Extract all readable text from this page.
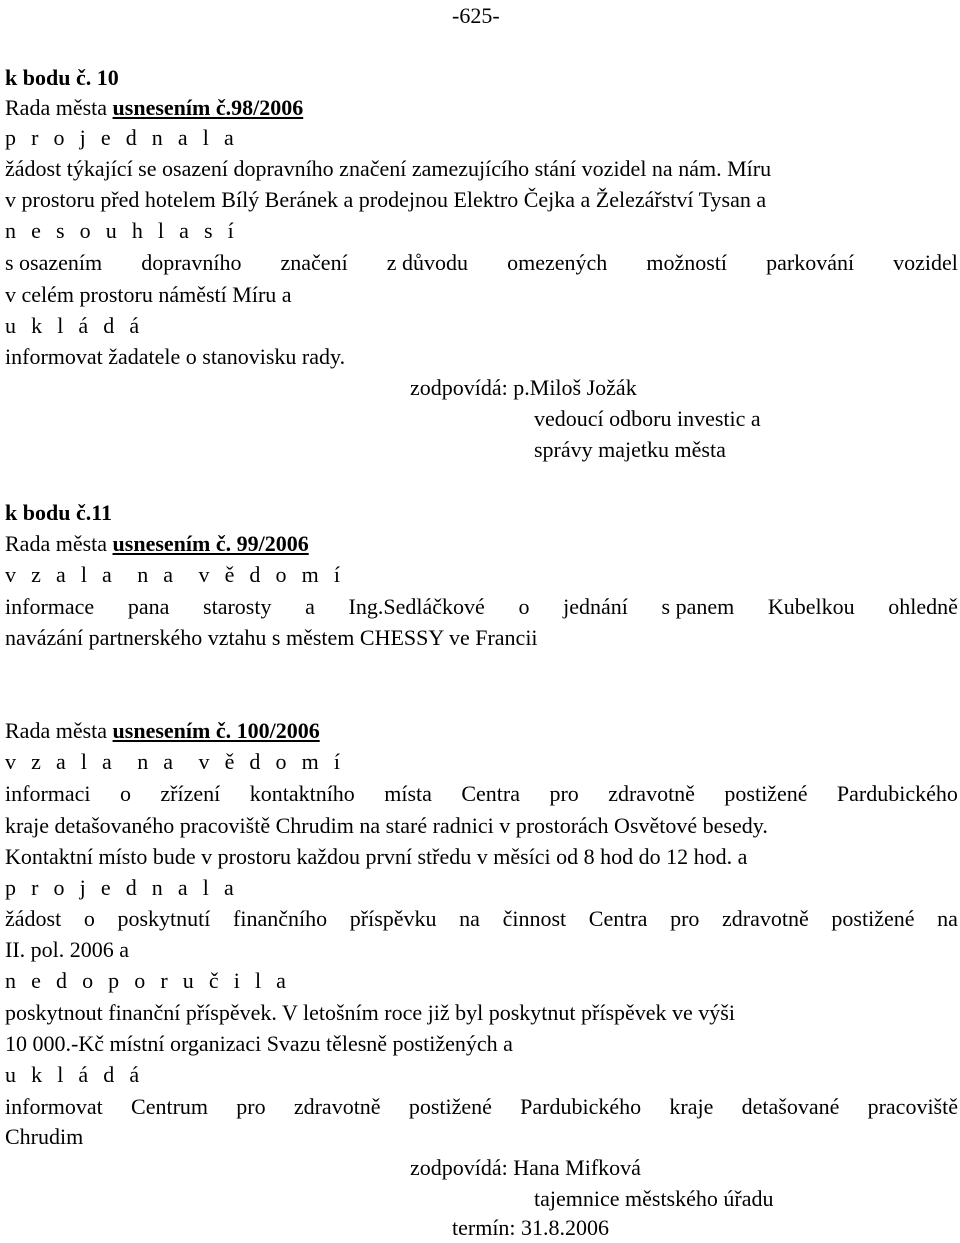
-625-
k bodu č. 10
Rada města usnesením č.98/2006
p r o j e d n a l a
žádost týkající se osazení dopravního značení zamezujícího stání vozidel na nám. Míru
v prostoru před hotelem Bílý Beránek a prodejnou Elektro Čejka a Železářství Tysan a
n e s o u h l a s í
s osazením dopravního značení z důvodu omezených možností parkování vozidel
v celém prostoru náměstí Míru a
u k l á d á
informovat žadatele o stanovisku rady.
zodpovídá: p.Miloš Jožák
vedoucí odboru investic a
správy majetku města
k bodu č.11
Rada města usnesením č. 99/2006
v z a l a  n a  v ě d o m í
informace pana starosty a Ing.Sedláčkové o jednání s panem Kubelkou ohledně
navázání partnerského vztahu s městem CHESSY ve Francii
Rada města usnesením č. 100/2006
v z a l a  n a  v ě d o m í
informaci o zřízení kontaktního místa Centra pro zdravotně postižené Pardubického
kraje detašovaného pracoviště Chrudim na staré radnici v prostorách Osvětové besedy.
Kontaktní místo bude v prostoru každou první středu v měsíci od 8 hod do 12 hod. a
p r o j e d n a l a
žádost o poskytnutí finančního příspěvku na činnost Centra pro zdravotně postižené na
II. pol. 2006 a
n e d o p o r u č i l a
poskytnout finanční příspěvek. V letošním roce již byl poskytnut příspěvek ve výši
10 000.-Kč místní organizaci Svazu tělesně postižených a
u k l á d á
informovat Centrum pro zdravotně postižené Pardubického kraje detašované pracoviště
Chrudim
zodpovídá: Hana Mifková
tajemnice městského úřadu
termín: 31.8.2006
